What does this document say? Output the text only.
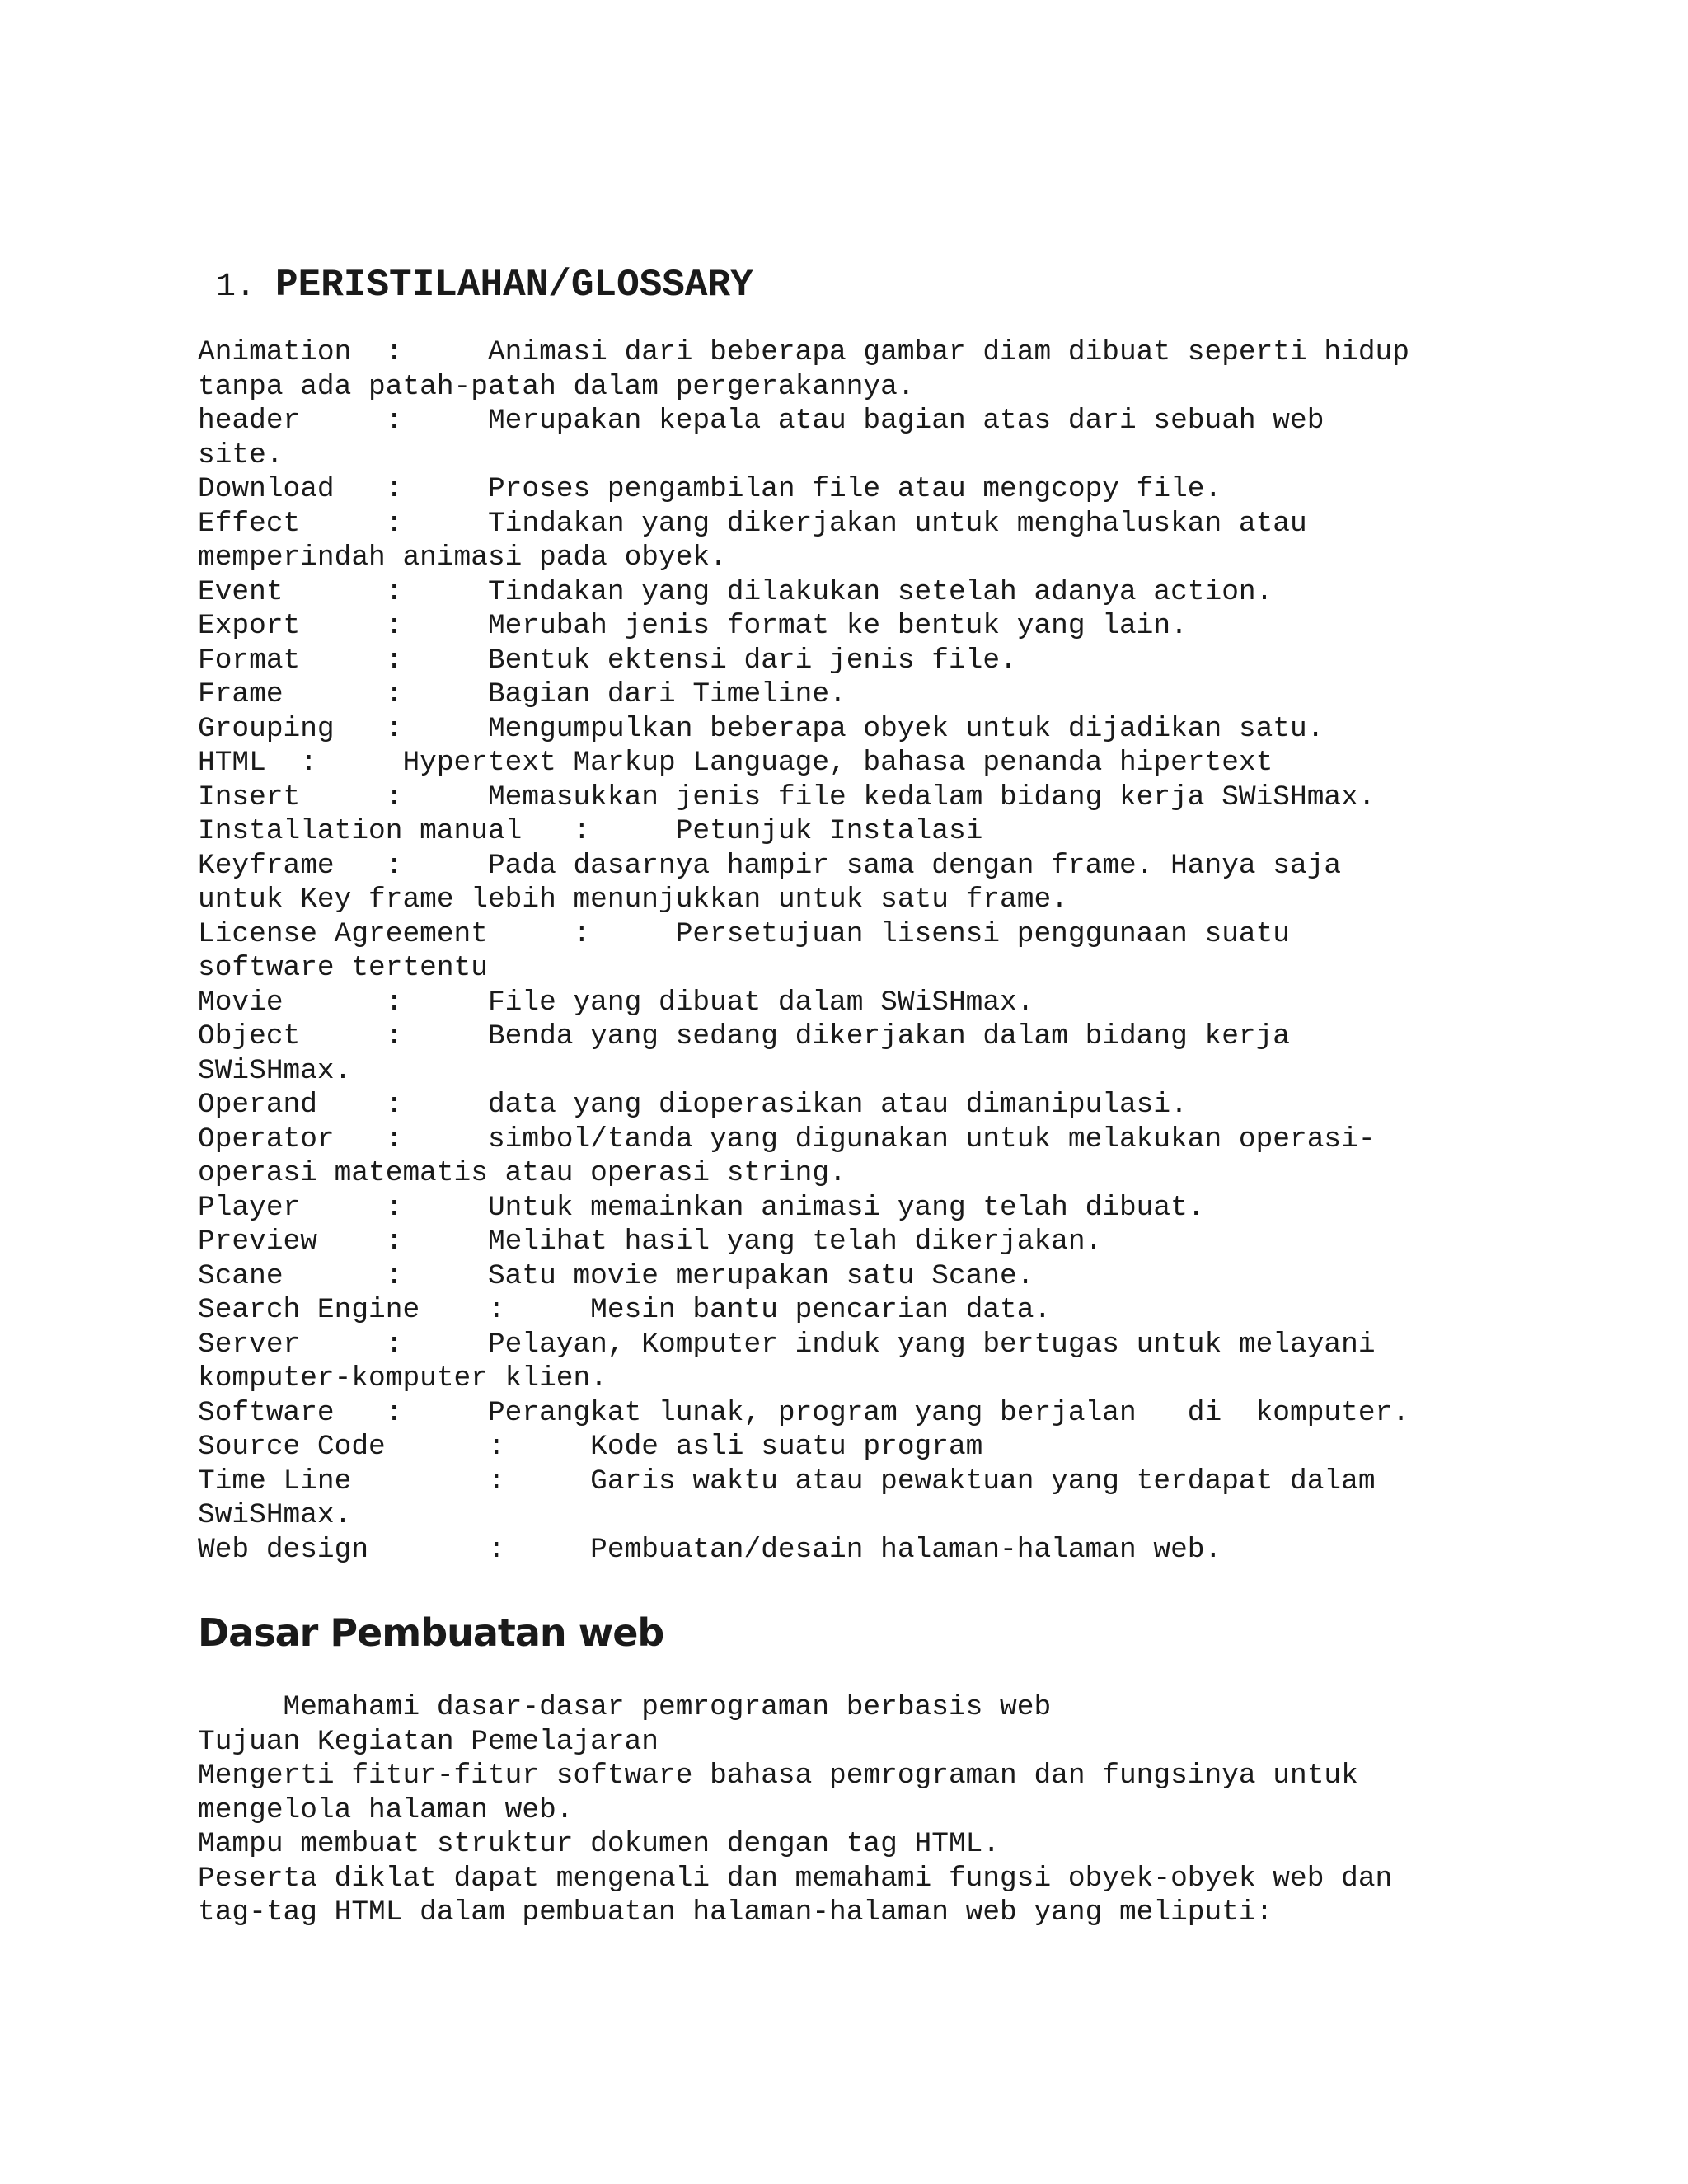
1. PERISTILAHAN/GLOSSARY
Animation  :     Animasi dari beberapa gambar diam dibuat seperti hidup
tanpa ada patah-patah dalam pergerakannya.
header     :     Merupakan kepala atau bagian atas dari sebuah web
site.
Download   :     Proses pengambilan file atau mengcopy file.
Effect     :     Tindakan yang dikerjakan untuk menghaluskan atau
memperindah animasi pada obyek.
Event      :     Tindakan yang dilakukan setelah adanya action.
Export     :     Merubah jenis format ke bentuk yang lain.
Format     :     Bentuk ektensi dari jenis file.
Frame      :     Bagian dari Timeline.
Grouping   :     Mengumpulkan beberapa obyek untuk dijadikan satu.
HTML  :     Hypertext Markup Language, bahasa penanda hipertext
Insert     :     Memasukkan jenis file kedalam bidang kerja SWiSHmax.
Installation manual   :     Petunjuk Instalasi
Keyframe   :     Pada dasarnya hampir sama dengan frame. Hanya saja
untuk Key frame lebih menunjukkan untuk satu frame.
License Agreement     :     Persetujuan lisensi penggunaan suatu
software tertentu
Movie      :     File yang dibuat dalam SWiSHmax.
Object     :     Benda yang sedang dikerjakan dalam bidang kerja
SWiSHmax.
Operand    :     data yang dioperasikan atau dimanipulasi.
Operator   :     simbol/tanda yang digunakan untuk melakukan operasi-
operasi matematis atau operasi string.
Player     :     Untuk memainkan animasi yang telah dibuat.
Preview    :     Melihat hasil yang telah dikerjakan.
Scane      :     Satu movie merupakan satu Scane.
Search Engine    :     Mesin bantu pencarian data.
Server     :     Pelayan, Komputer induk yang bertugas untuk melayani
komputer-komputer klien.
Software   :     Perangkat lunak, program yang berjalan   di  komputer.
Source Code      :     Kode asli suatu program
Time Line        :     Garis waktu atau pewaktuan yang terdapat dalam
SwiSHmax.
Web design       :     Pembuatan/desain halaman-halaman web.
Dasar Pembuatan web
Memahami dasar-dasar pemrograman berbasis web
Tujuan Kegiatan Pemelajaran
Mengerti fitur-fitur software bahasa pemrograman dan fungsinya untuk
mengelola halaman web.
Mampu membuat struktur dokumen dengan tag HTML.
Peserta diklat dapat mengenali dan memahami fungsi obyek-obyek web dan
tag-tag HTML dalam pembuatan halaman-halaman web yang meliputi:
